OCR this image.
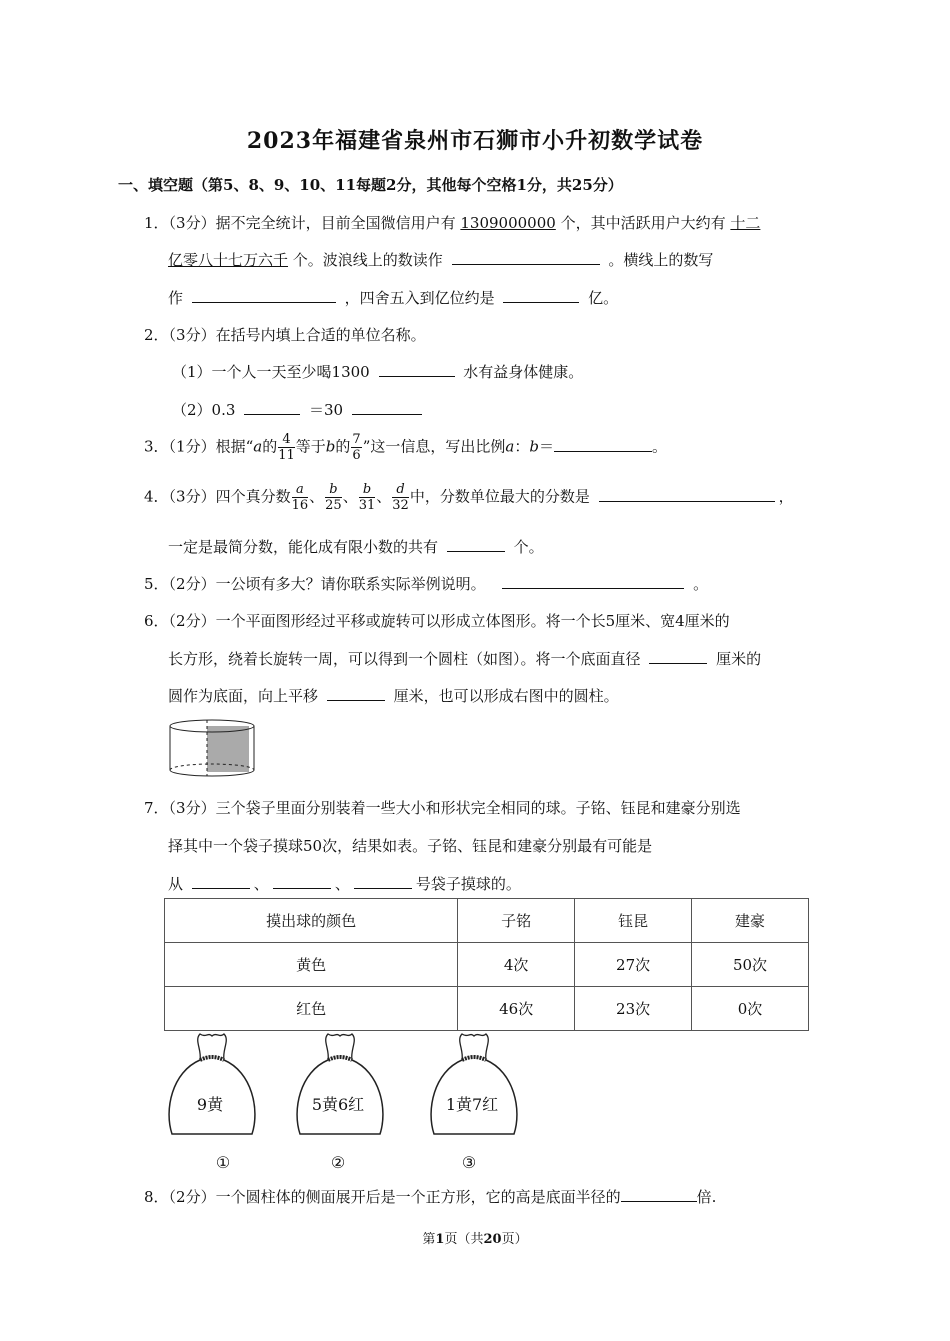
2023年福建省泉州市石狮市小升初数学试卷
一、填空题（第5、8、9、10、11每题2分，其他每个空格1分，共25分）
1．（3分）据不完全统计，目前全国微信用户有 1309000000 个，其中活跃用户大约有 十二
亿零八十七万六千 个。波浪线上的数读作	。横线上的数写
作	，四舍五入到亿位约是	亿。
2．（3分）在括号内填上合适的单位名称。
（1）一个人一天至少喝1300	水有益身体健康。
（2）0.3	＝30
3．（1分）根据“a的 $\frac{4}{11}$ 等于b的 $\frac{7}{6}$ ”这一信息，写出比例a：b＝	。
4．（3分）四个真分数 $\frac{a}{16}$ 、 $\frac{b}{25}$ 、 $\frac{b}{31}$ 、 $\frac{d}{32}$ 中，分数单位最大的分数是	，
一定是最简分数，能化成有限小数的共有	个。
5．（2分）一公顷有多大？请你联系实际举例说明。	。
6．（2分）一个平面图形经过平移或旋转可以形成立体图形。将一个长5厘米、宽4厘米的
长方形，绕着长旋转一周，可以得到一个圆柱（如图）。将一个底面直径	厘米的
圆作为底面，向上平移	厘米，也可以形成右图中的圆柱。
7．（3分）三个袋子里面分别装着一些大小和形状完全相同的球。子铭、钰昆和建豪分别选
择其中一个袋子摸球50次，结果如表。子铭、钰昆和建豪分别最有可能是
从	、	、	号袋子摸球的。
摸出球的颜色	子铭	钰昆	建豪
黄色	4次	27次	50次
红色	46次	23次	0次
9黄	5黄6红	1黄7红
①	②	③
8．（2分）一个圆柱体的侧面展开后是一个正方形，它的高是底面半径的	倍.
第1页（共20页）
